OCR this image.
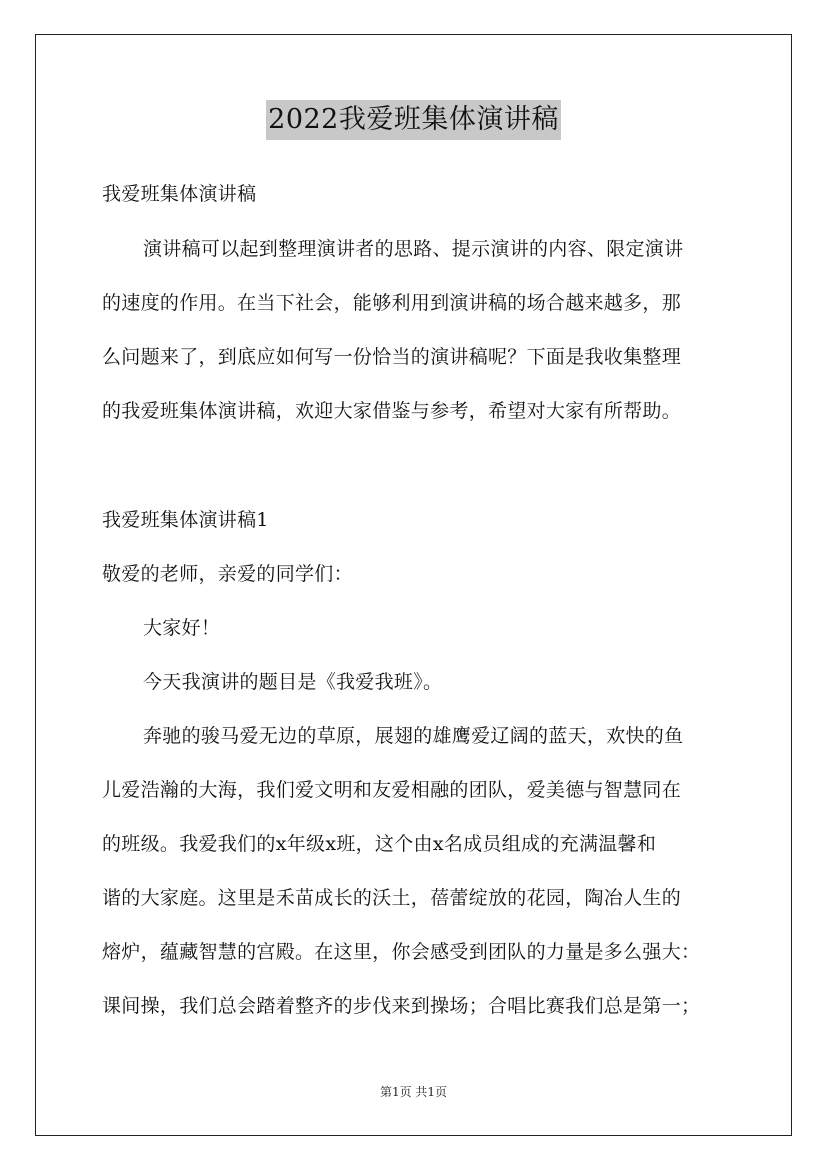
2022我爱班集体演讲稿
我爱班集体演讲稿
演讲稿可以起到整理演讲者的思路、提示演讲的内容、限定演讲
的速度的作用。在当下社会，能够利用到演讲稿的场合越来越多，那
么问题来了，到底应如何写一份恰当的演讲稿呢？下面是我收集整理
的我爱班集体演讲稿，欢迎大家借鉴与参考，希望对大家有所帮助。
我爱班集体演讲稿1
敬爱的老师，亲爱的同学们：
大家好！
今天我演讲的题目是《我爱我班》。
奔驰的骏马爱无边的草原，展翅的雄鹰爱辽阔的蓝天，欢快的鱼
儿爱浩瀚的大海，我们爱文明和友爱相融的团队，爱美德与智慧同在
的班级。我爱我们的x年级x班，这个由x名成员组成的充满温馨和
谐的大家庭。这里是禾苗成长的沃土，蓓蕾绽放的花园，陶冶人生的
熔炉，蕴藏智慧的宫殿。在这里，你会感受到团队的力量是多么强大：
课间操，我们总会踏着整齐的步伐来到操场；合唱比赛我们总是第一；
第1页 共1页
